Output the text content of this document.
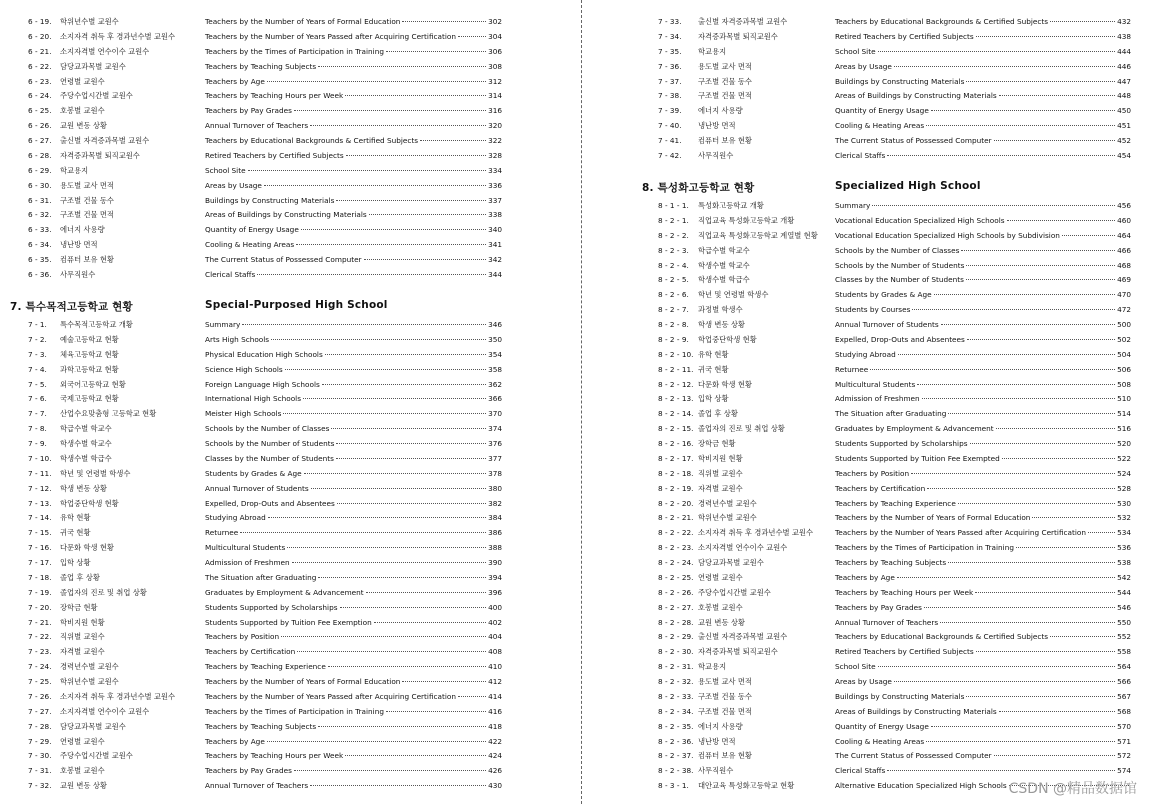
6 - 19. 학위년수별 교원수	Teachers by the Number of Years of Formal Education	302
6 - 20. 소지자격 취득 후 경과년수별 교원수	Teachers by the Number of Years Passed after Acquiring Certification	304
6 - 21. 소지자격별 연수이수 교원수	Teachers by the Times of Participation in Training	306
6 - 22. 담당교과목별 교원수	Teachers by Teaching Subjects	308
6 - 23. 연령별 교원수	Teachers by Age	312
6 - 24. 주당수업시간별 교원수	Teachers by Teaching Hours per Week	314
6 - 25. 호봉별 교원수	Teachers by Pay Grades	316
6 - 26. 교원 변동 상황	Annual Turnover of Teachers	320
6 - 27. 출신별 자격증과목별 교원수	Teachers by Educational Backgrounds & Certified Subjects	322
6 - 28. 자격증과목별 퇴직교원수	Retired Teachers by Certified Subjects	328
6 - 29. 학교용지	School Site	334
6 - 30. 용도별 교사 면적	Areas by Usage	336
6 - 31. 구조별 건물 동수	Buildings by Constructing Materials	337
6 - 32. 구조별 건물 면적	Areas of Buildings by Constructing Materials	338
6 - 33. 에너지 사용량	Quantity of Energy Usage	340
6 - 34. 냉난방 면적	Cooling & Heating Areas	341
6 - 35. 컴퓨터 보유 현황	The Current Status of Possessed Computer	342
6 - 36. 사무직원수	Clerical Staffs	344
7. 특수목적고등학교 현황	Special-Purposed High School
7 - 1. 특수목적고등학교 개황	Summary	346
7 - 2. 예술고등학교 현황	Arts High Schools	350
7 - 3. 체육고등학교 현황	Physical Education High Schools	354
7 - 4. 과학고등학교 현황	Science High Schools	358
7 - 5. 외국어고등학교 현황	Foreign Language High Schools	362
7 - 6. 국제고등학교 현황	International High Schools	366
7 - 7. 산업수요맞춤형 고등학교 현황	Meister High Schools	370
7 - 8. 학급수별 학교수	Schools by the Number of Classes	374
7 - 9. 학생수별 학교수	Schools by the Number of Students	376
7 - 10. 학생수별 학급수	Classes by the Number of Students	377
7 - 11. 학년 및 연령별 학생수	Students by Grades & Age	378
7 - 12. 학생 변동 상황	Annual Turnover of Students	380
7 - 13. 학업중단학생 현황	Expelled, Drop-Outs and Absentees	382
7 - 14. 유학 현황	Studying Abroad	384
7 - 15. 귀국 현황	Returnee	386
7 - 16. 다문화 학생 현황	Multicultural Students	388
7 - 17. 입학 상황	Admission of Freshmen	390
7 - 18. 졸업 후 상황	The Situation after Graduating	394
7 - 19. 졸업자의 진로 및 취업 상황	Graduates by Employment & Advancement	396
7 - 20. 장학금 현황	Students Supported by Scholarships	400
7 - 21. 학비지원 현황	Students Supported by Tuition Fee Exemption	402
7 - 22. 직위별 교원수	Teachers by Position	404
7 - 23. 자격별 교원수	Teachers by Certification	408
7 - 24. 경력년수별 교원수	Teachers by Teaching Experience	410
7 - 25. 학위년수별 교원수	Teachers by the Number of Years of Formal Education	412
7 - 26. 소지자격 취득 후 경과년수별 교원수	Teachers by the Number of Years Passed after Acquiring Certification	414
7 - 27. 소지자격별 연수이수 교원수	Teachers by the Times of Participation in Training	416
7 - 28. 담당교과목별 교원수	Teachers by Teaching Subjects	418
7 - 29. 연령별 교원수	Teachers by Age	422
7 - 30. 주당수업시간별 교원수	Teachers by Teaching Hours per Week	424
7 - 31. 호봉별 교원수	Teachers by Pay Grades	426
7 - 32. 교원 변동 상황	Annual Turnover of Teachers	430
7 - 33. 출신별 자격증과목별 교원수	Teachers by Educational Backgrounds & Certified Subjects	432
7 - 34. 자격증과목별 퇴직교원수	Retired Teachers by Certified Subjects	438
7 - 35. 학교용지	School Site	444
7 - 36. 용도별 교사 면적	Areas by Usage	446
7 - 37. 구조별 건물 동수	Buildings by Constructing Materials	447
7 - 38. 구조별 건물 면적	Areas of Buildings by Constructing Materials	448
7 - 39. 에너지 사용량	Quantity of Energy Usage	450
7 - 40. 냉난방 면적	Cooling & Heating Areas	451
7 - 41. 컴퓨터 보유 현황	The Current Status of Possessed Computer	452
7 - 42. 사무직원수	Clerical Staffs	454
8. 특성화고등학교 현황	Specialized High School
8 - 1 - 1. 특성화고등학교 개황	Summary	456
8 - 2 - 1. 직업교육 특성화고등학교 개황	Vocational Education Specialized High Schools	460
8 - 2 - 2. 직업교육 특성화고등학교 계열별 현황	Vocational Education Specialized High Schools by Subdivision	464
8 - 2 - 3. 학급수별 학교수	Schools by the Number of Classes	466
8 - 2 - 4. 학생수별 학교수	Schools by the Number of Students	468
8 - 2 - 5. 학생수별 학급수	Classes by the Number of Students	469
8 - 2 - 6. 학년 및 연령별 학생수	Students by Grades & Age	470
8 - 2 - 7. 과정별 학생수	Students by Courses	472
8 - 2 - 8. 학생 변동 상황	Annual Turnover of Students	500
8 - 2 - 9. 학업중단학생 현황	Expelled, Drop-Outs and Absentees	502
8 - 2 - 10. 유학 현황	Studying Abroad	504
8 - 2 - 11. 귀국 현황	Returnee	506
8 - 2 - 12. 다문화 학생 현황	Multicultural Students	508
8 - 2 - 13. 입학 상황	Admission of Freshmen	510
8 - 2 - 14. 졸업 후 상황	The Situation after Graduating	514
8 - 2 - 15. 졸업자의 진로 및 취업 상황	Graduates by Employment & Advancement	516
8 - 2 - 16. 장학금 현황	Students Supported by Scholarships	520
8 - 2 - 17. 학비지원 현황	Students Supported by Tuition Fee Exempted	522
8 - 2 - 18. 직위별 교원수	Teachers by Position	524
8 - 2 - 19. 자격별 교원수	Teachers by Certification	528
8 - 2 - 20. 경력년수별 교원수	Teachers by Teaching Experience	530
8 - 2 - 21. 학위년수별 교원수	Teachers by the Number of Years of Formal Education	532
8 - 2 - 22. 소지자격 취득 후 경과년수별 교원수	Teachers by the Number of Years Passed after Acquiring Certification	534
8 - 2 - 23. 소지자격별 연수이수 교원수	Teachers by the Times of Participation in Training	536
8 - 2 - 24. 담당교과목별 교원수	Teachers by Teaching Subjects	538
8 - 2 - 25. 연령별 교원수	Teachers by Age	542
8 - 2 - 26. 주당수업시간별 교원수	Teachers by Teaching Hours per Week	544
8 - 2 - 27. 호봉별 교원수	Teachers by Pay Grades	546
8 - 2 - 28. 교원 변동 상황	Annual Turnover of Teachers	550
8 - 2 - 29. 출신별 자격증과목별 교원수	Teachers by Educational Backgrounds & Certified Subjects	552
8 - 2 - 30. 자격증과목별 퇴직교원수	Retired Teachers by Certified Subjects	558
8 - 2 - 31. 학교용지	School Site	564
8 - 2 - 32. 용도별 교사 면적	Areas by Usage	566
8 - 2 - 33. 구조별 건물 동수	Buildings by Constructing Materials	567
8 - 2 - 34. 구조별 건물 면적	Areas of Buildings by Constructing Materials	568
8 - 2 - 35. 에너지 사용량	Quantity of Energy Usage	570
8 - 2 - 36. 냉난방 면적	Cooling & Heating Areas	571
8 - 2 - 37. 컴퓨터 보유 현황	The Current Status of Possessed Computer	572
8 - 2 - 38. 사무직원수	Clerical Staffs	574
8 - 3 - 1. 대안교육 특성화고등학교 현황	Alternative Education Specialized High Schools CSDN @精品数据馆
